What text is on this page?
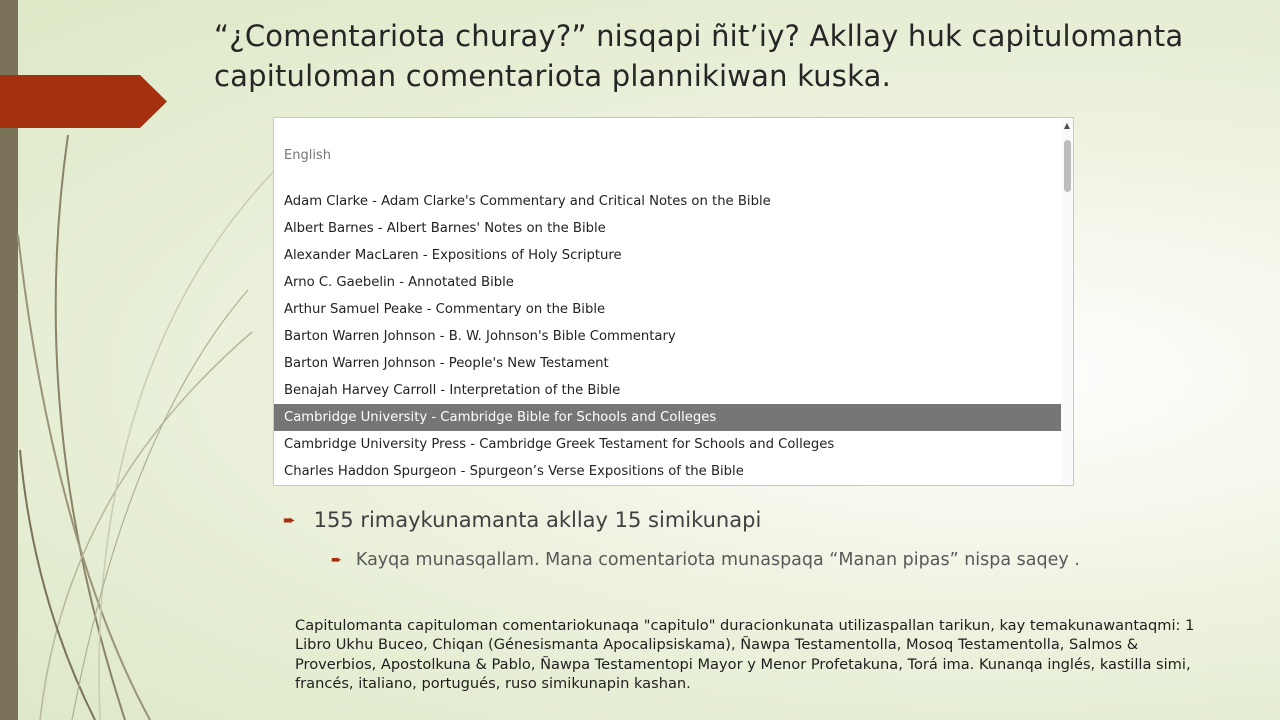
“¿Comentariota churay?” nisqapi ñit’iy? Akllay huk capitulomanta capituloman comentariota plannikiwan kuska.
English
Adam Clarke - Adam Clarke's Commentary and Critical Notes on the Bible
Albert Barnes - Albert Barnes' Notes on the Bible
Alexander MacLaren - Expositions of Holy Scripture
Arno C. Gaebelin - Annotated Bible
Arthur Samuel Peake - Commentary on the Bible
Barton Warren Johnson - B. W. Johnson's Bible Commentary
Barton Warren Johnson - People's New Testament
Benajah Harvey Carroll - Interpretation of the Bible
Cambridge University - Cambridge Bible for Schools and Colleges
Cambridge University Press - Cambridge Greek Testament for Schools and Colleges
Charles Haddon Spurgeon - Spurgeon’s Verse Expositions of the Bible
▲
➨ 155 rimaykunamanta akllay 15 simikunapi
➨ Kayqa munasqallam. Mana comentariota munaspaqa “Manan pipas” nispa saqey .

Capitulomanta capituloman comentariokunaqa "capitulo" duracionkunata utilizaspallan tarikun, kay temakunawantaqmi: 1 Libro Ukhu Buceo, Chiqan (Génesismanta Apocalipsiskama), Ñawpa Testamentolla, Mosoq Testamentolla, Salmos & Proverbios, Apostolkuna & Pablo, Ñawpa Testamentopi Mayor y Menor Profetakuna, Torá ima. Kunanqa inglés, kastilla simi, francés, italiano, portugués, ruso simikunapin kashan.
